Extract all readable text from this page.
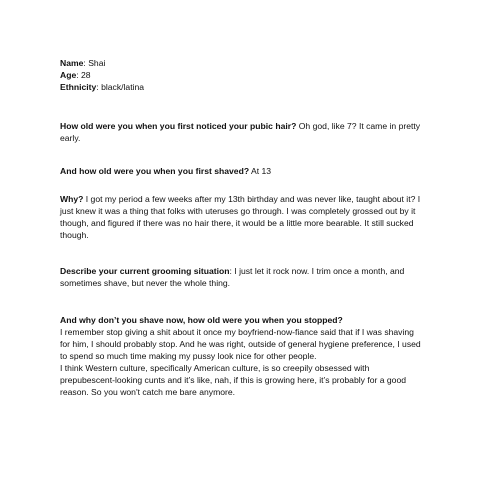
Name: Shai
Age: 28
Ethnicity: black/latina
How old were you when you first noticed your pubic hair? Oh god, like 7? It came in pretty
early.
And how old were you when you first shaved? At 13
Why? I got my period a few weeks after my 13th birthday and was never like, taught about it? I
just knew it was a thing that folks with uteruses go through. I was completely grossed out by it
though, and figured if there was no hair there, it would be a little more bearable. It still sucked
though.
Describe your current grooming situation: I just let it rock now. I trim once a month, and
sometimes shave, but never the whole thing.
And why don’t you shave now, how old were you when you stopped?
I remember stop giving a shit about it once my boyfriend-now-fiance said that if I was shaving
for him, I should probably stop. And he was right, outside of general hygiene preference, I used
to spend so much time making my pussy look nice for other people.
I think Western culture, specifically American culture, is so creepily obsessed with
prepubescent-looking cunts and it’s like, nah, if this is growing here, it’s probably for a good
reason. So you won't catch me bare anymore.
